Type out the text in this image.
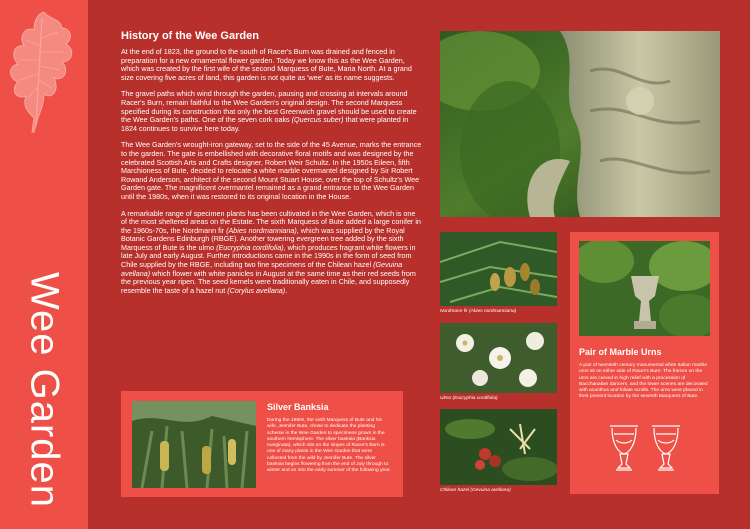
Wee Garden
History of the Wee Garden

At the end of 1823, the ground to the south of Racer's Burn was drained and fenced in preparation for a new ornamental flower garden. Today we know this as the Wee Garden, which was created by the first wife of the second Marquess of Bute, Maria North. At a grand size covering five acres of land, this garden is not quite as 'wee' as its name suggests.

The gravel paths which wind through the garden, pausing and crossing at intervals around Racer's Burn, remain faithful to the Wee Garden's original design. The second Marquess specified during its construction that only the best Greenwich gravel should be used to create the Wee Garden's paths. One of the seven cork oaks (Quercus suber) that were planted in 1824 continues to survive here today.

The Wee Garden's wrought-iron gateway, set to the side of the 45 Avenue, marks the entrance to the garden. The gate is embellished with decorative floral motifs and was designed by the celebrated Scottish Arts and Crafts designer, Robert Weir Schultz. In the 1950s Eileen, fifth Marchioness of Bute, decided to relocate a white marble overmantel designed by Sir Robert Rowand Anderson, architect of the second Mount Stuart House, over the top of Schultz's Wee Garden gate. The magnificent overmantel remained as a grand entrance to the Wee Garden until the 1980s, when it was restored to its original location in the House.

A remarkable range of specimen plants has been cultivated in the Wee Garden, which is one of the most sheltered areas on the Estate. The sixth Marquess of Bute added a large conifer in the 1960s-70s, the Nordmann fir (Abies nordmanniana), which was supplied by the Royal Botanic Gardens Edinburgh (RBGE). Another towering evergreen tree added by the sixth Marquess of Bute is the ulmo (Eucryphia cordifolia), which produces fragrant white flowers in late July and early August. Further introductions came in the 1990s in the form of seed from Chile supplied by the RBGE, including two fine specimens of the Chilean hazel (Gevuina avellana) which flower with white panicles in August at the same time as their red seeds from the previous year ripen. The seed kernels were traditionally eaten in Chile, and supposedly resemble the taste of a hazel nut (Corylus avellana).

Nordmann fir (Abies nordmanniana)
Ulmo (Eucryphia cordifolia)
Chilean hazel (Gevuina avellana)
Silver Banksia

During the 1980s, the sixth Marquess of Bute and his wife, Jennifer Bute, chose to dedicate the planting scheme in the Wee Garden to specimens grown in the southern hemisphere. The silver banksia (Banksia marginata), which sits on the slopes of Racer's Burn is one of many plants in the Wee Garden that were collected from the wild by Jennifer Bute. The silver banksia begins flowering from the end of July through to winter and on into the early summer of the following year.

Pair of Marble Urns

A pair of twentieth century monumental white Italian marble urns sit on either side of Racer's Burn. The friezes on the urns are carved in high relief with a procession of Bacchanalian dancers, and the lower scenes are decorated with acanthus and foliate scrolls. The urns were placed in their present location by the seventh Marquess of Bute.
